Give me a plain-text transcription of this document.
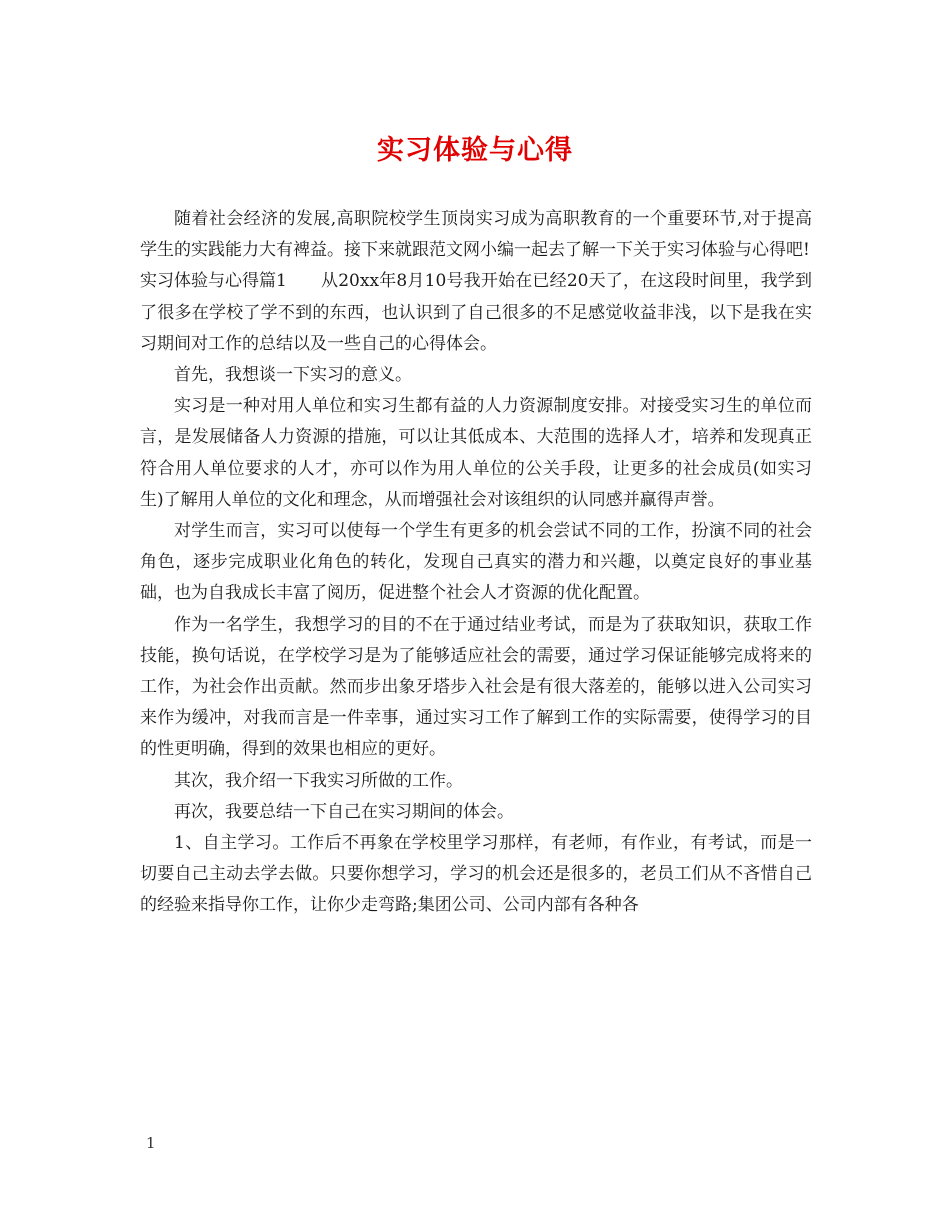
实习体验与心得

随着社会经济的发展,高职院校学生顶岗实习成为高职教育的一个重要环节,对于提高学生的实践能力大有裨益。接下来就跟范文网小编一起去了解一下关于实习体验与心得吧!

实习体验与心得篇1 从20xx年8月10号我开始在已经20天了，在这段时间里，我学到了很多在学校了学不到的东西，也认识到了自己很多的不足感觉收益非浅，以下是我在实习期间对工作的总结以及一些自己的心得体会。

首先，我想谈一下实习的意义。

实习是一种对用人单位和实习生都有益的人力资源制度安排。对接受实习生的单位而言，是发展储备人力资源的措施，可以让其低成本、大范围的选择人才，培养和发现真正符合用人单位要求的人才，亦可以作为用人单位的公关手段，让更多的社会成员(如实习生)了解用人单位的文化和理念，从而增强社会对该组织的认同感并赢得声誉。

对学生而言，实习可以使每一个学生有更多的机会尝试不同的工作，扮演不同的社会角色，逐步完成职业化角色的转化，发现自己真实的潜力和兴趣，以奠定良好的事业基础，也为自我成长丰富了阅历，促进整个社会人才资源的优化配置。

作为一名学生，我想学习的目的不在于通过结业考试，而是为了获取知识，获取工作技能，换句话说，在学校学习是为了能够适应社会的需要，通过学习保证能够完成将来的工作，为社会作出贡献。然而步出象牙塔步入社会是有很大落差的，能够以进入公司实习来作为缓冲，对我而言是一件幸事，通过实习工作了解到工作的实际需要，使得学习的目的性更明确，得到的效果也相应的更好。

其次，我介绍一下我实习所做的工作。

再次，我要总结一下自己在实习期间的体会。

1、自主学习。工作后不再象在学校里学习那样，有老师，有作业，有考试，而是一切要自己主动去学去做。只要你想学习，学习的机会还是很多的，老员工们从不吝惜自己的经验来指导你工作，让你少走弯路;集团公司、公司内部有各种各

1
